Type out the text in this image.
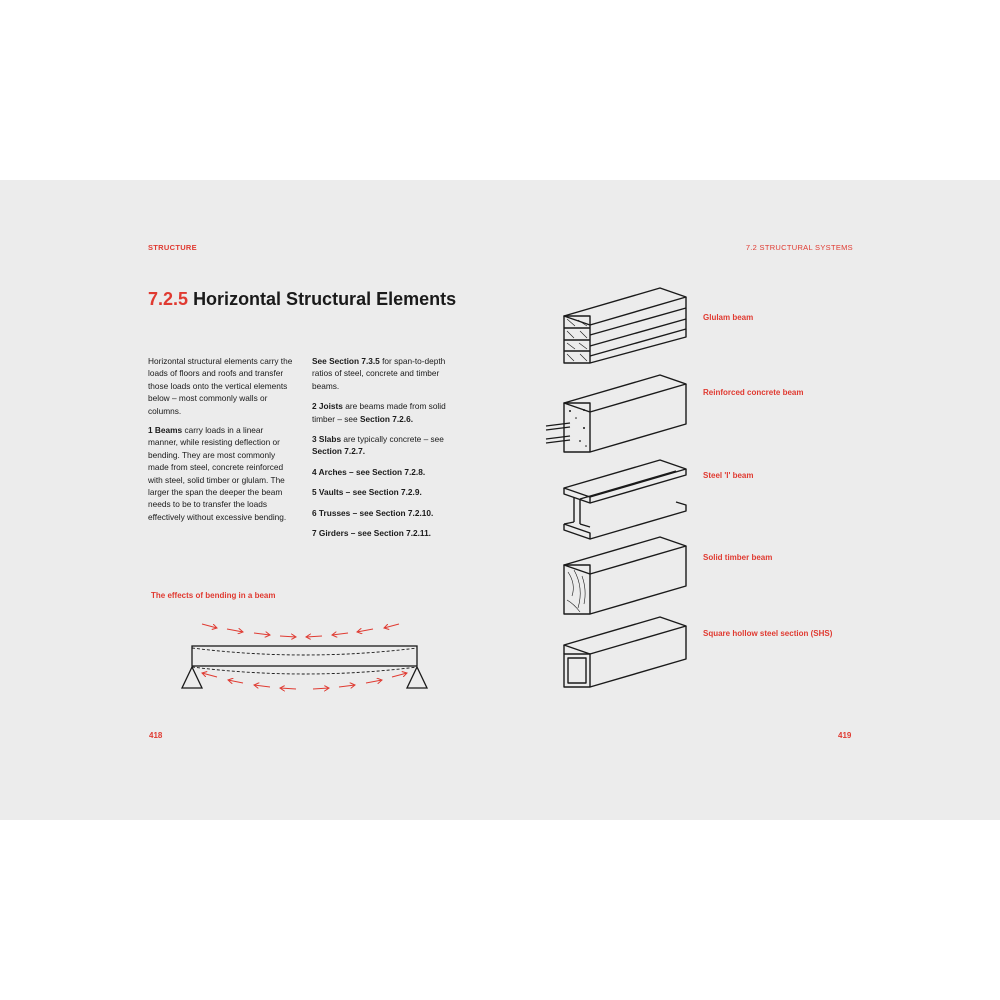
STRUCTURE	7.2 STRUCTURAL SYSTEMS
7.2.5 Horizontal Structural Elements

Horizontal structural elements carry the loads of floors and roofs and transfer those loads onto the vertical elements below – most commonly walls or columns.

1 Beams carry loads in a linear manner, while resisting deflection or bending. They are most commonly made from steel, concrete reinforced with steel, solid timber or glulam. The larger the span the deeper the beam needs to be to transfer the loads effectively without excessive bending.

See Section 7.3.5 for span-to-depth ratios of steel, concrete and timber beams.

2 Joists are beams made from solid timber – see Section 7.2.6.

3 Slabs are typically concrete – see Section 7.2.7.

4 Arches – see Section 7.2.8.

5 Vaults – see Section 7.2.9.

6 Trusses – see Section 7.2.10.

7 Girders – see Section 7.2.11.

The effects of bending in a beam
Glulam beam
Reinforced concrete beam
Steel 'I' beam
Solid timber beam
Square hollow steel section (SHS)
418	419
